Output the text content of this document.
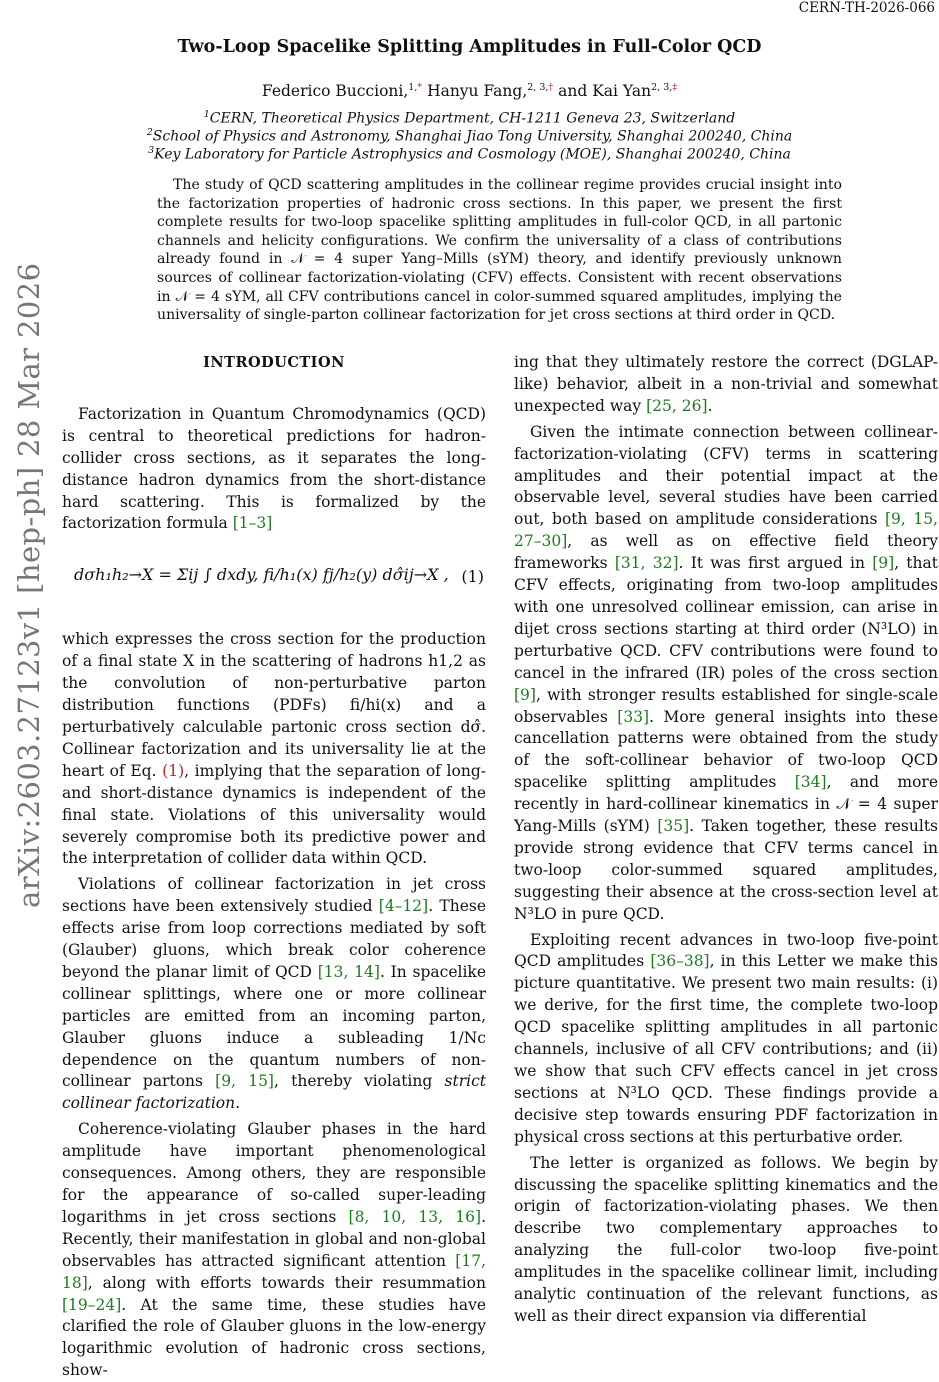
CERN-TH-2026-066
Two-Loop Spacelike Splitting Amplitudes in Full-Color QCD
Federico Buccioni,$^{1,*}$ Hanyu Fang,$^{2, 3,\dagger}$ and Kai Yan$^{2, 3,\ddagger}$
$^1$CERN, Theoretical Physics Department, CH-1211 Geneva 23, Switzerland
$^2$School of Physics and Astronomy, Shanghai Jiao Tong University, Shanghai 200240, China
$^3$Key Laboratory for Particle Astrophysics and Cosmology (MOE), Shanghai 200240, China
The study of QCD scattering amplitudes in the collinear regime provides crucial insight into the factorization properties of hadronic cross sections. In this paper, we present the first complete results for two-loop spacelike splitting amplitudes in full-color QCD, in all partonic channels and helicity configurations. We confirm the universality of a class of contributions already found in 𝒩 = 4 super Yang–Mills (sYM) theory, and identify previously unknown sources of collinear factorization-violating (CFV) effects. Consistent with recent observations in 𝒩 = 4 sYM, all CFV contributions cancel in color-summed squared amplitudes, implying the universality of single-parton collinear factorization for jet cross sections at third order in QCD.
arXiv:2603.27123v1 [hep-ph] 28 Mar 2026	INTRODUCTION

Factorization in Quantum Chromodynamics (QCD) is central to theoretical predictions for hadron-collider cross sections, as it separates the long-distance hadron dynamics from the short-distance hard scattering. This is formalized by the factorization formula [1–3]

dσh₁h₂→X = Σij ∫ dxdy, fi/h₁(x) fj/h₂(y) dσ̂ij→X , (1)

which expresses the cross section for the production of a final state X in the scattering of hadrons h1,2 as the convolution of non-perturbative parton distribution functions (PDFs) fi/hi(x) and a perturbatively calculable partonic cross section dσ̂. Collinear factorization and its universality lie at the heart of Eq. (1), implying that the separation of long- and short-distance dynamics is independent of the final state. Violations of this universality would severely compromise both its predictive power and the interpretation of collider data within QCD.

Violations of collinear factorization in jet cross sections have been extensively studied [4–12]. These effects arise from loop corrections mediated by soft (Glauber) gluons, which break color coherence beyond the planar limit of QCD [13, 14]. In spacelike collinear splittings, where one or more collinear particles are emitted from an incoming parton, Glauber gluons induce a subleading 1/Nc dependence on the quantum numbers of non-collinear partons [9, 15], thereby violating strict collinear factorization.

Coherence-violating Glauber phases in the hard amplitude have important phenomenological consequences. Among others, they are responsible for the appearance of so-called super-leading logarithms in jet cross sections [8, 10, 13, 16]. Recently, their manifestation in global and non-global observables has attracted significant attention [17, 18], along with efforts towards their resummation [19–24]. At the same time, these studies have clarified the role of Glauber gluons in the low-energy logarithmic evolution of hadronic cross sections, show-

ing that they ultimately restore the correct (DGLAP-like) behavior, albeit in a non-trivial and somewhat unexpected way [25, 26].

Given the intimate connection between collinear-factorization-violating (CFV) terms in scattering amplitudes and their potential impact at the observable level, several studies have been carried out, both based on amplitude considerations [9, 15, 27–30], as well as on effective field theory frameworks [31, 32]. It was first argued in [9], that CFV effects, originating from two-loop amplitudes with one unresolved collinear emission, can arise in dijet cross sections starting at third order (N³LO) in perturbative QCD. CFV contributions were found to cancel in the infrared (IR) poles of the cross section [9], with stronger results established for single-scale observables [33]. More general insights into these cancellation patterns were obtained from the study of the soft-collinear behavior of two-loop QCD spacelike splitting amplitudes [34], and more recently in hard-collinear kinematics in 𝒩 = 4 super Yang-Mills (sYM) [35]. Taken together, these results provide strong evidence that CFV terms cancel in two-loop color-summed squared amplitudes, suggesting their absence at the cross-section level at N³LO in pure QCD.

Exploiting recent advances in two-loop five-point QCD amplitudes [36–38], in this Letter we make this picture quantitative. We present two main results: (i) we derive, for the first time, the complete two-loop QCD spacelike splitting amplitudes in all partonic channels, inclusive of all CFV contributions; and (ii) we show that such CFV effects cancel in jet cross sections at N³LO QCD. These findings provide a decisive step towards ensuring PDF factorization in physical cross sections at this perturbative order.

The letter is organized as follows. We begin by discussing the spacelike splitting kinematics and the origin of factorization-violating phases. We then describe two complementary approaches to analyzing the full-color two-loop five-point amplitudes in the spacelike collinear limit, including analytic continuation of the relevant functions, as well as their direct expansion via differential
